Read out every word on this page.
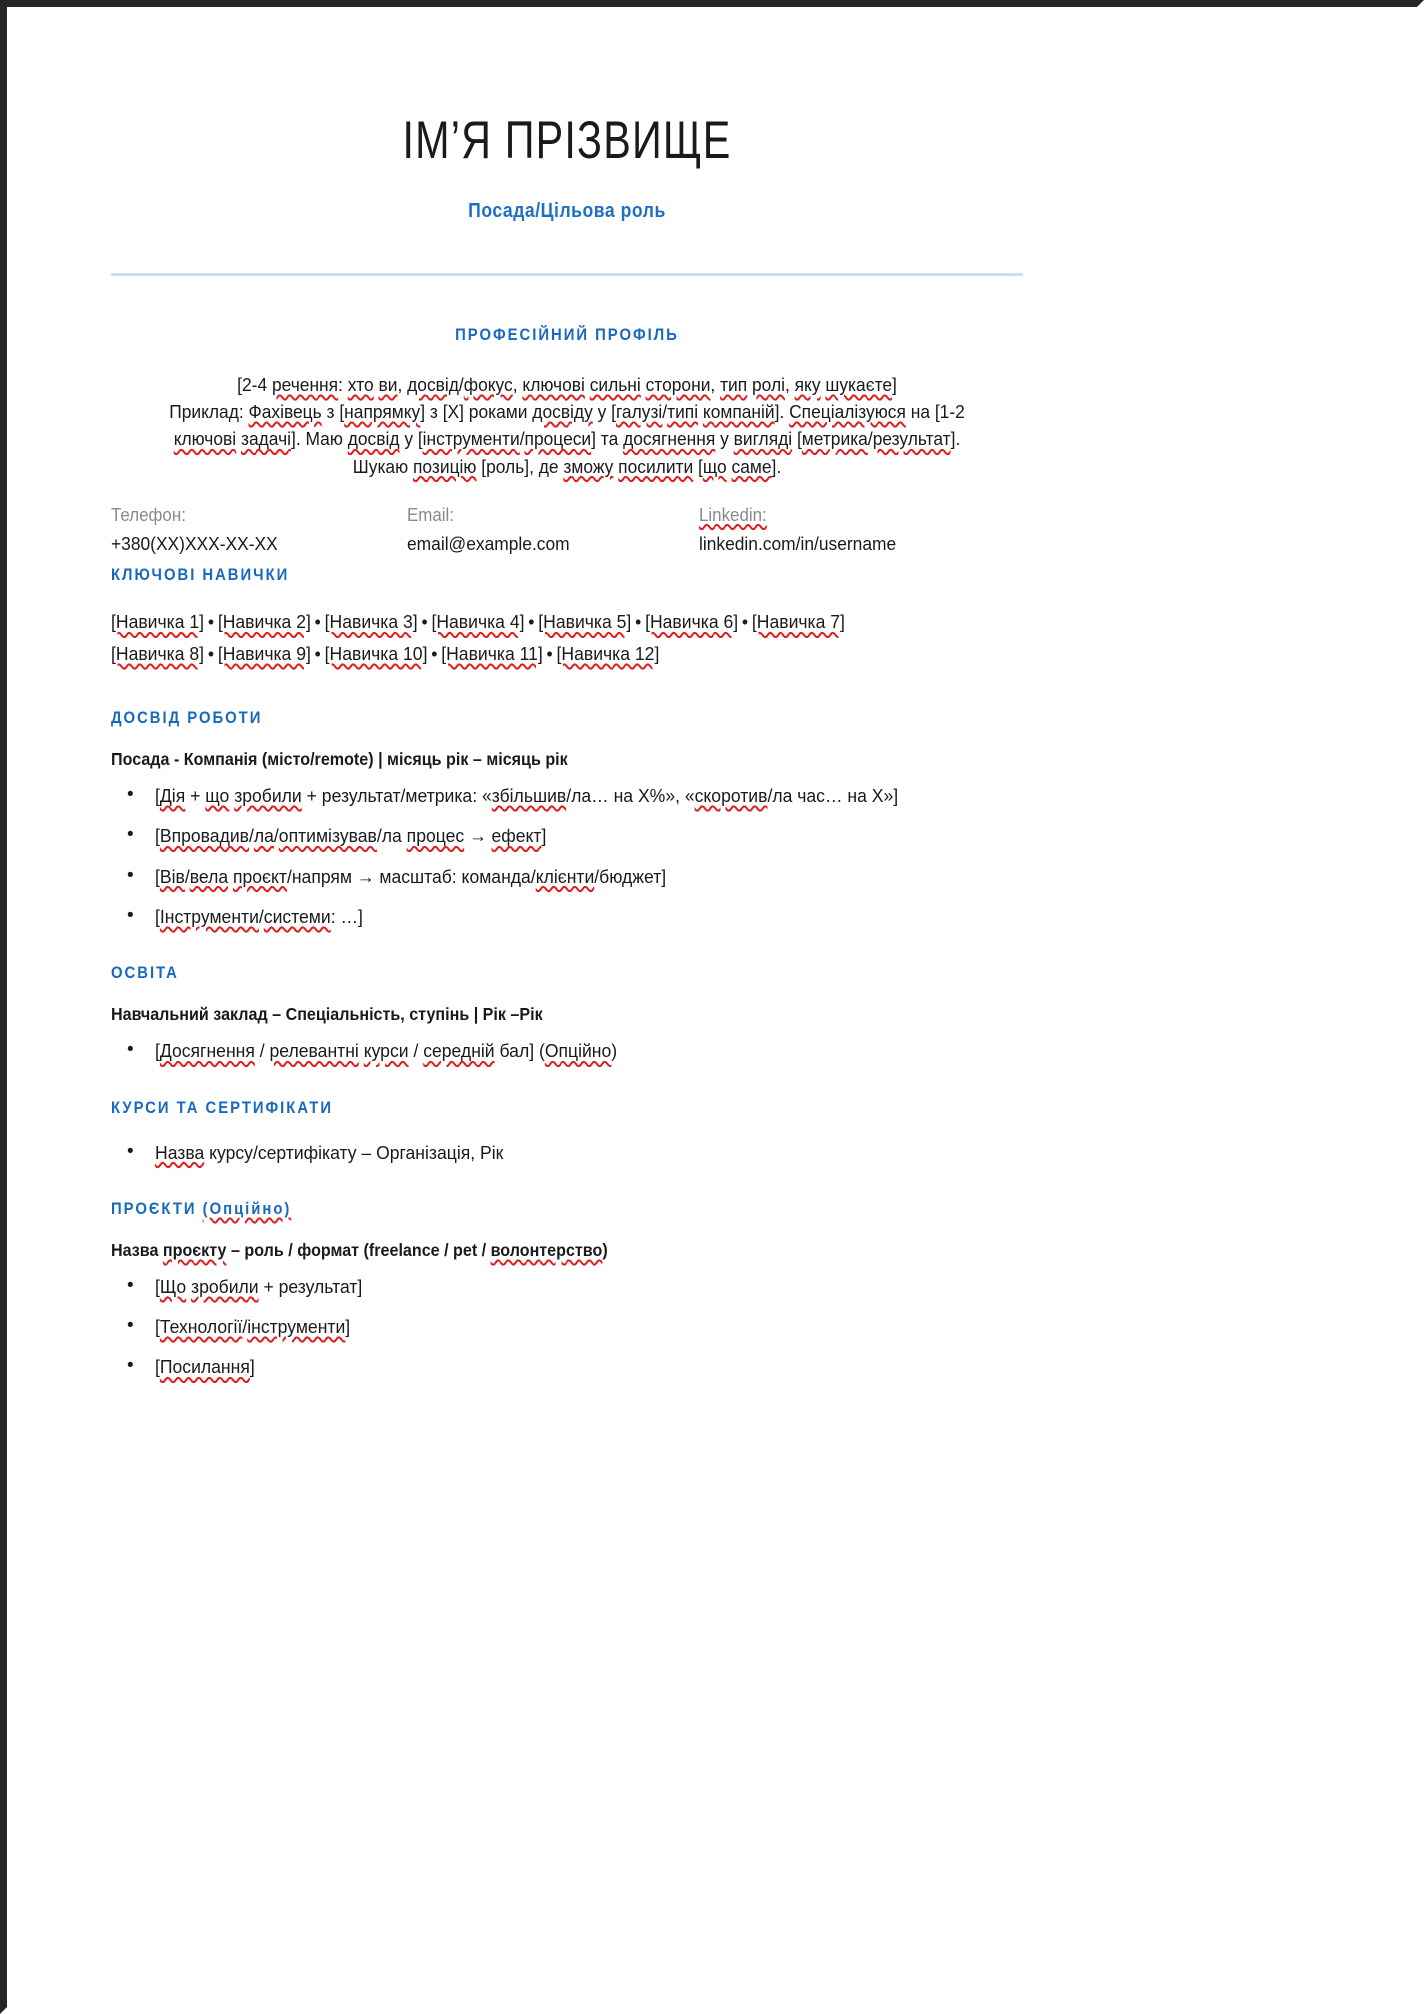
ІМ’Я ПРІЗВИЩЕ
Посада/Цільова роль
ПРОФЕСІЙНИЙ ПРОФІЛЬ

[2-4 речення: хто ви, досвід/фокус, ключові сильні сторони, тип ролі, яку шукаєте]
Приклад: Фахівець з [напрямку] з [X] роками досвіду у [галузі/типі компаній]. Спеціалізуюся на [1-2 ключові задачі]. Маю досвід у [інструменти/процеси] та досягнення у вигляді [метрика/результат].
Шукаю позицію [роль], де зможу посилити [що саме].

Телефон:
+380(XX)XXX-XX-XX
Email:
email@example.com
Linkedin:
linkedin.com/in/username
КЛЮЧОВІ НАВИЧКИ
[Навичка 1] • [Навичка 2] • [Навичка 3] • [Навичка 4] • [Навичка 5] • [Навичка 6] • [Навичка 7]
[Навичка 8] • [Навичка 9] • [Навичка 10] • [Навичка 11] • [Навичка 12]
ДОСВІД РОБОТИ
Посада - Компанія (місто/remote) | місяць рік – місяць рік
• [Дія + що зробили + результат/метрика: «збільшив/ла… на X%», «скоротив/ла час… на X»]
• [Впровадив/ла/оптимізував/ла процес → ефект]
• [Вів/вела проєкт/напрям → масштаб: команда/клієнти/бюджет]
• [Інструменти/системи: …]
ОСВІТА
Навчальний заклад – Спеціальність, ступінь | Рік –Рік
• [Досягнення / релевантні курси / середній бал] (Опційно)
КУРСИ ТА СЕРТИФІКАТИ
• Назва курсу/сертифікату – Організація, Рік
ПРОЄКТИ (Опційно)
Назва проєкту – роль / формат (freelance / pet / волонтерство)
• [Що зробили + результат]
• [Технології/інструменти]
• [Посилання]
